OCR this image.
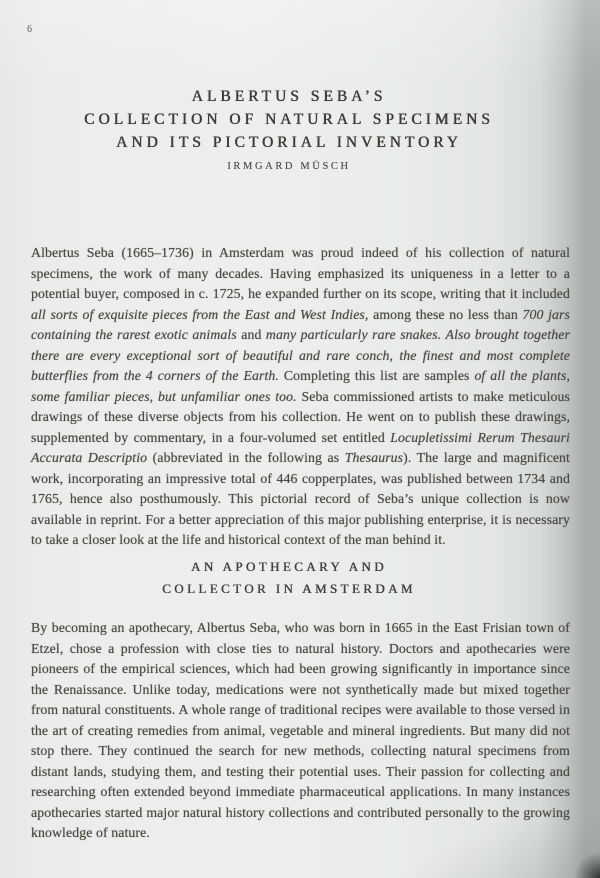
6
ALBERTUS SEBA’S
COLLECTION OF NATURAL SPECIMENS
AND ITS PICTORIAL INVENTORY
IRMGARD MÜSCH

Albertus Seba (1665–1736) in Amsterdam was proud indeed of his collection of natural specimens, the work of many decades. Having emphasized its uniqueness in a letter to a potential buyer, composed in c. 1725, he expanded further on its scope, writing that it included all sorts of exquisite pieces from the East and West Indies, among these no less than 700 jars containing the rarest exotic animals and many particularly rare snakes. Also brought together there are every exceptional sort of beautiful and rare conch, the finest and most complete butterflies from the 4 corners of the Earth. Completing this list are samples of all the plants, some familiar pieces, but unfamiliar ones too. Seba commissioned artists to make meticulous drawings of these diverse objects from his collection. He went on to publish these drawings, supplemented by commentary, in a four-volumed set entitled Locupletissimi Rerum Thesauri Accurata Descriptio (abbreviated in the following as Thesaurus). The large and magnificent work, incorporating an impressive total of 446 copperplates, was published between 1734 and 1765, hence also posthumously. This pictorial record of Seba’s unique collection is now available in reprint. For a better appreciation of this major publishing enterprise, it is necessary to take a closer look at the life and historical context of the man behind it.

AN APOTHECARY AND
COLLECTOR IN AMSTERDAM

By becoming an apothecary, Albertus Seba, who was born in 1665 in the East Frisian town of Etzel, chose a profession with close ties to natural history. Doctors and apothecaries were pioneers of the empirical sciences, which had been growing significantly in importance since the Renaissance. Unlike today, medications were not synthetically made but mixed together from natural constituents. A whole range of traditional recipes were available to those versed in the art of creating remedies from animal, vegetable and mineral ingredients. But many did not stop there. They continued the search for new methods, collecting natural specimens from distant lands, studying them, and testing their potential uses. Their passion for collecting and researching often extended beyond immediate pharmaceutical applications. In many instances apothecaries started major natural history collections and contributed personally to the growing knowledge of nature.
